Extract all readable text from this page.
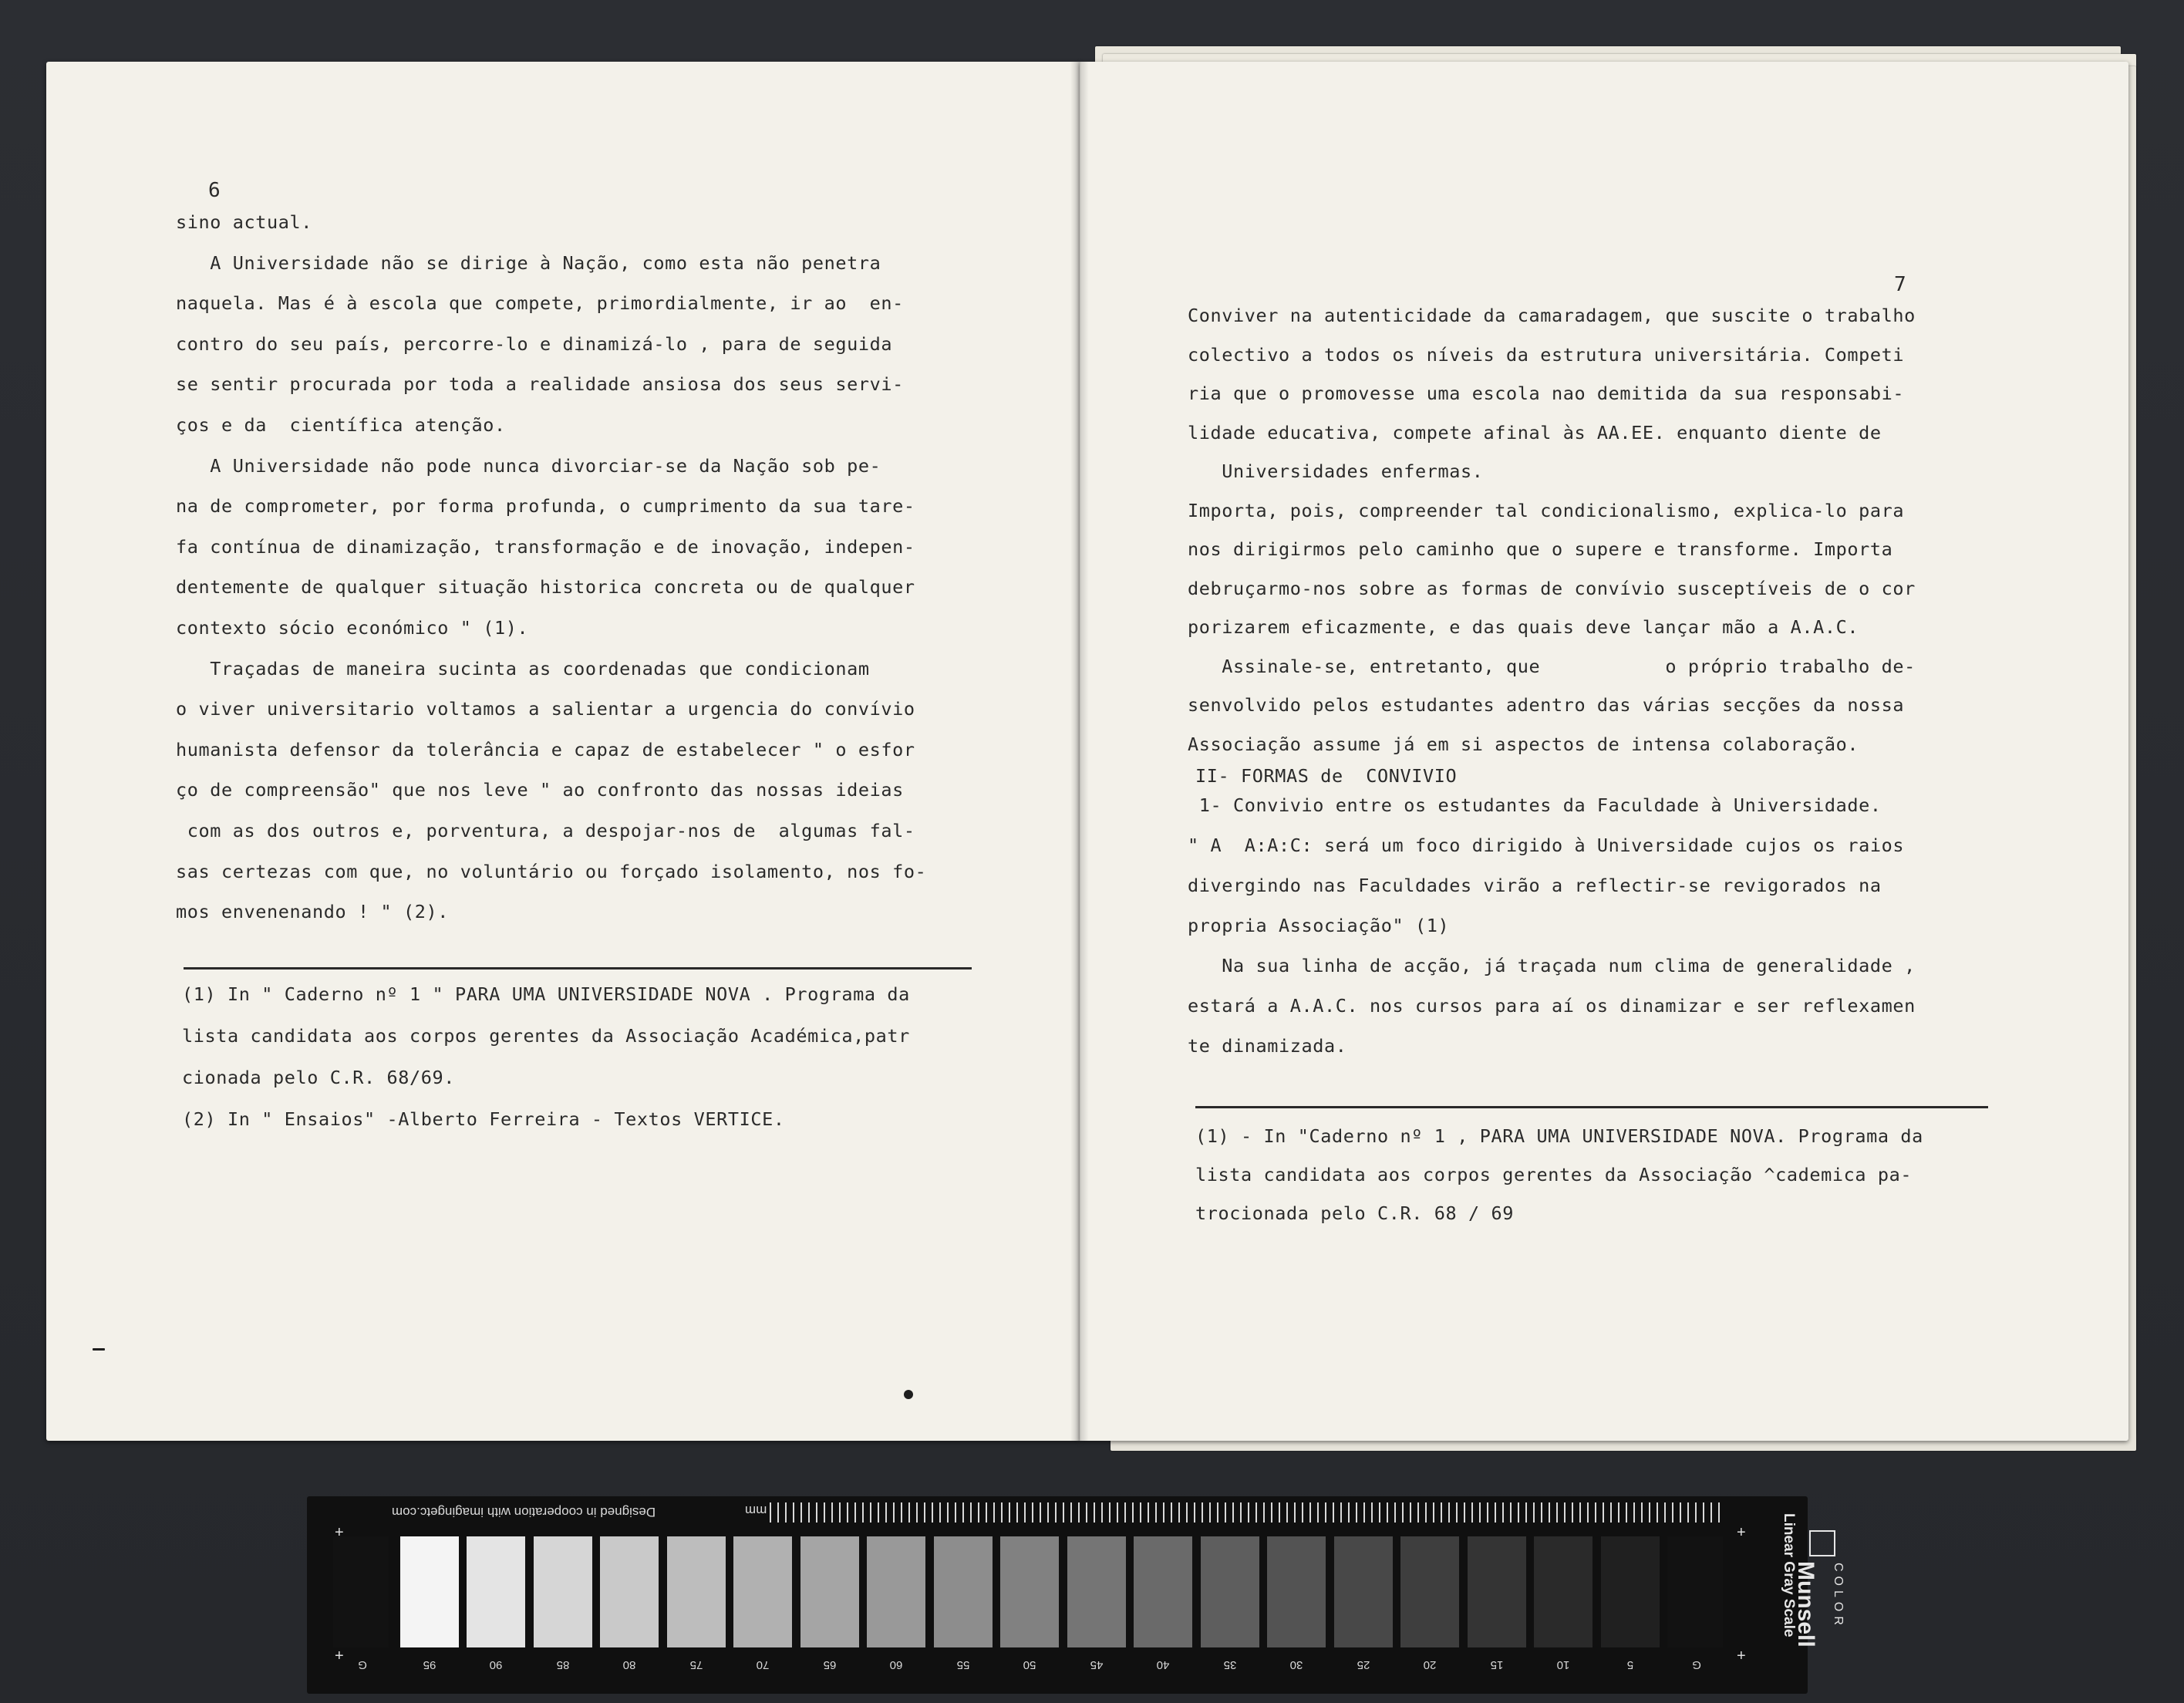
6
sino actual.
A Universidade não se dirige à Nação, como esta não penetra
naquela. Mas é à escola que compete, primordialmente, ir ao  en-
contro do seu país, percorre-lo e dinamizá-lo , para de seguida
se sentir procurada por toda a realidade ansiosa dos seus servi-
ços e da  científica atenção.
A Universidade não pode nunca divorciar-se da Nação sob pe-
na de comprometer, por forma profunda, o cumprimento da sua tare-
fa contínua de dinamização, transformação e de inovação, indepen-
dentemente de qualquer situação historica concreta ou de qualquer
contexto sócio económico " (1).
Traçadas de maneira sucinta as coordenadas que condicionam
o viver universitario voltamos a salientar a urgencia do convívio
humanista defensor da tolerância e capaz de estabelecer " o esfor
ço de compreensão" que nos leve " ao confronto das nossas ideias
com as dos outros e, porventura, a despojar-nos de  algumas fal-
sas certezas com que, no voluntário ou forçado isolamento, nos fo-
mos envenenando ! " (2).
(1) In " Caderno nº 1 " PARA UMA UNIVERSIDADE NOVA . Programa da
lista candidata aos corpos gerentes da Associação Académica,patr
cionada pelo C.R. 68/69.
(2) In " Ensaios" -Alberto Ferreira - Textos VERTICE.
7
Conviver na autenticidade da camaradagem, que suscite o trabalho
colectivo a todos os níveis da estrutura universitária. Competi
ria que o promovesse uma escola nao demitida da sua responsabi-
lidade educativa, compete afinal às AA.EE. enquanto diente de
Universidades enfermas.
Importa, pois, compreender tal condicionalismo, explica-lo para
nos dirigirmos pelo caminho que o supere e transforme. Importa
debruçarmo-nos sobre as formas de convívio susceptíveis de o cor
porizarem eficazmente, e das quais deve lançar mão a A.A.C.
Assinale-se, entretanto, que           o próprio trabalho de-
senvolvido pelos estudantes adentro das várias secções da nossa
Associação assume já em si aspectos de intensa colaboração.
II- FORMAS de  CONVIVIO
1- Convivio entre os estudantes da Faculdade à Universidade.
" A  A:A:C: será um foco dirigido à Universidade cujos os raios
divergindo nas Faculdades virão a reflectir-se revigorados na
propria Associação" (1)
Na sua linha de acção, já traçada num clima de generalidade ,
estará a A.A.C. nos cursos para aí os dinamizar e ser reflexamen
te dinamizada.
(1) - In "Caderno nº 1 , PARA UMA UNIVERSIDADE NOVA. Programa da
lista candidata aos corpos gerentes da Associação ^cademica pa-
trocionada pelo C.R. 68 / 69
mm
Designed in cooperation with imagingetc.com
G	95	90	85	80	75	70	65	60	55	50	45	40	35	30	25	20	15	10	5	G
+
+
+
+
Munsell COLOR
Linear Gray Scale
